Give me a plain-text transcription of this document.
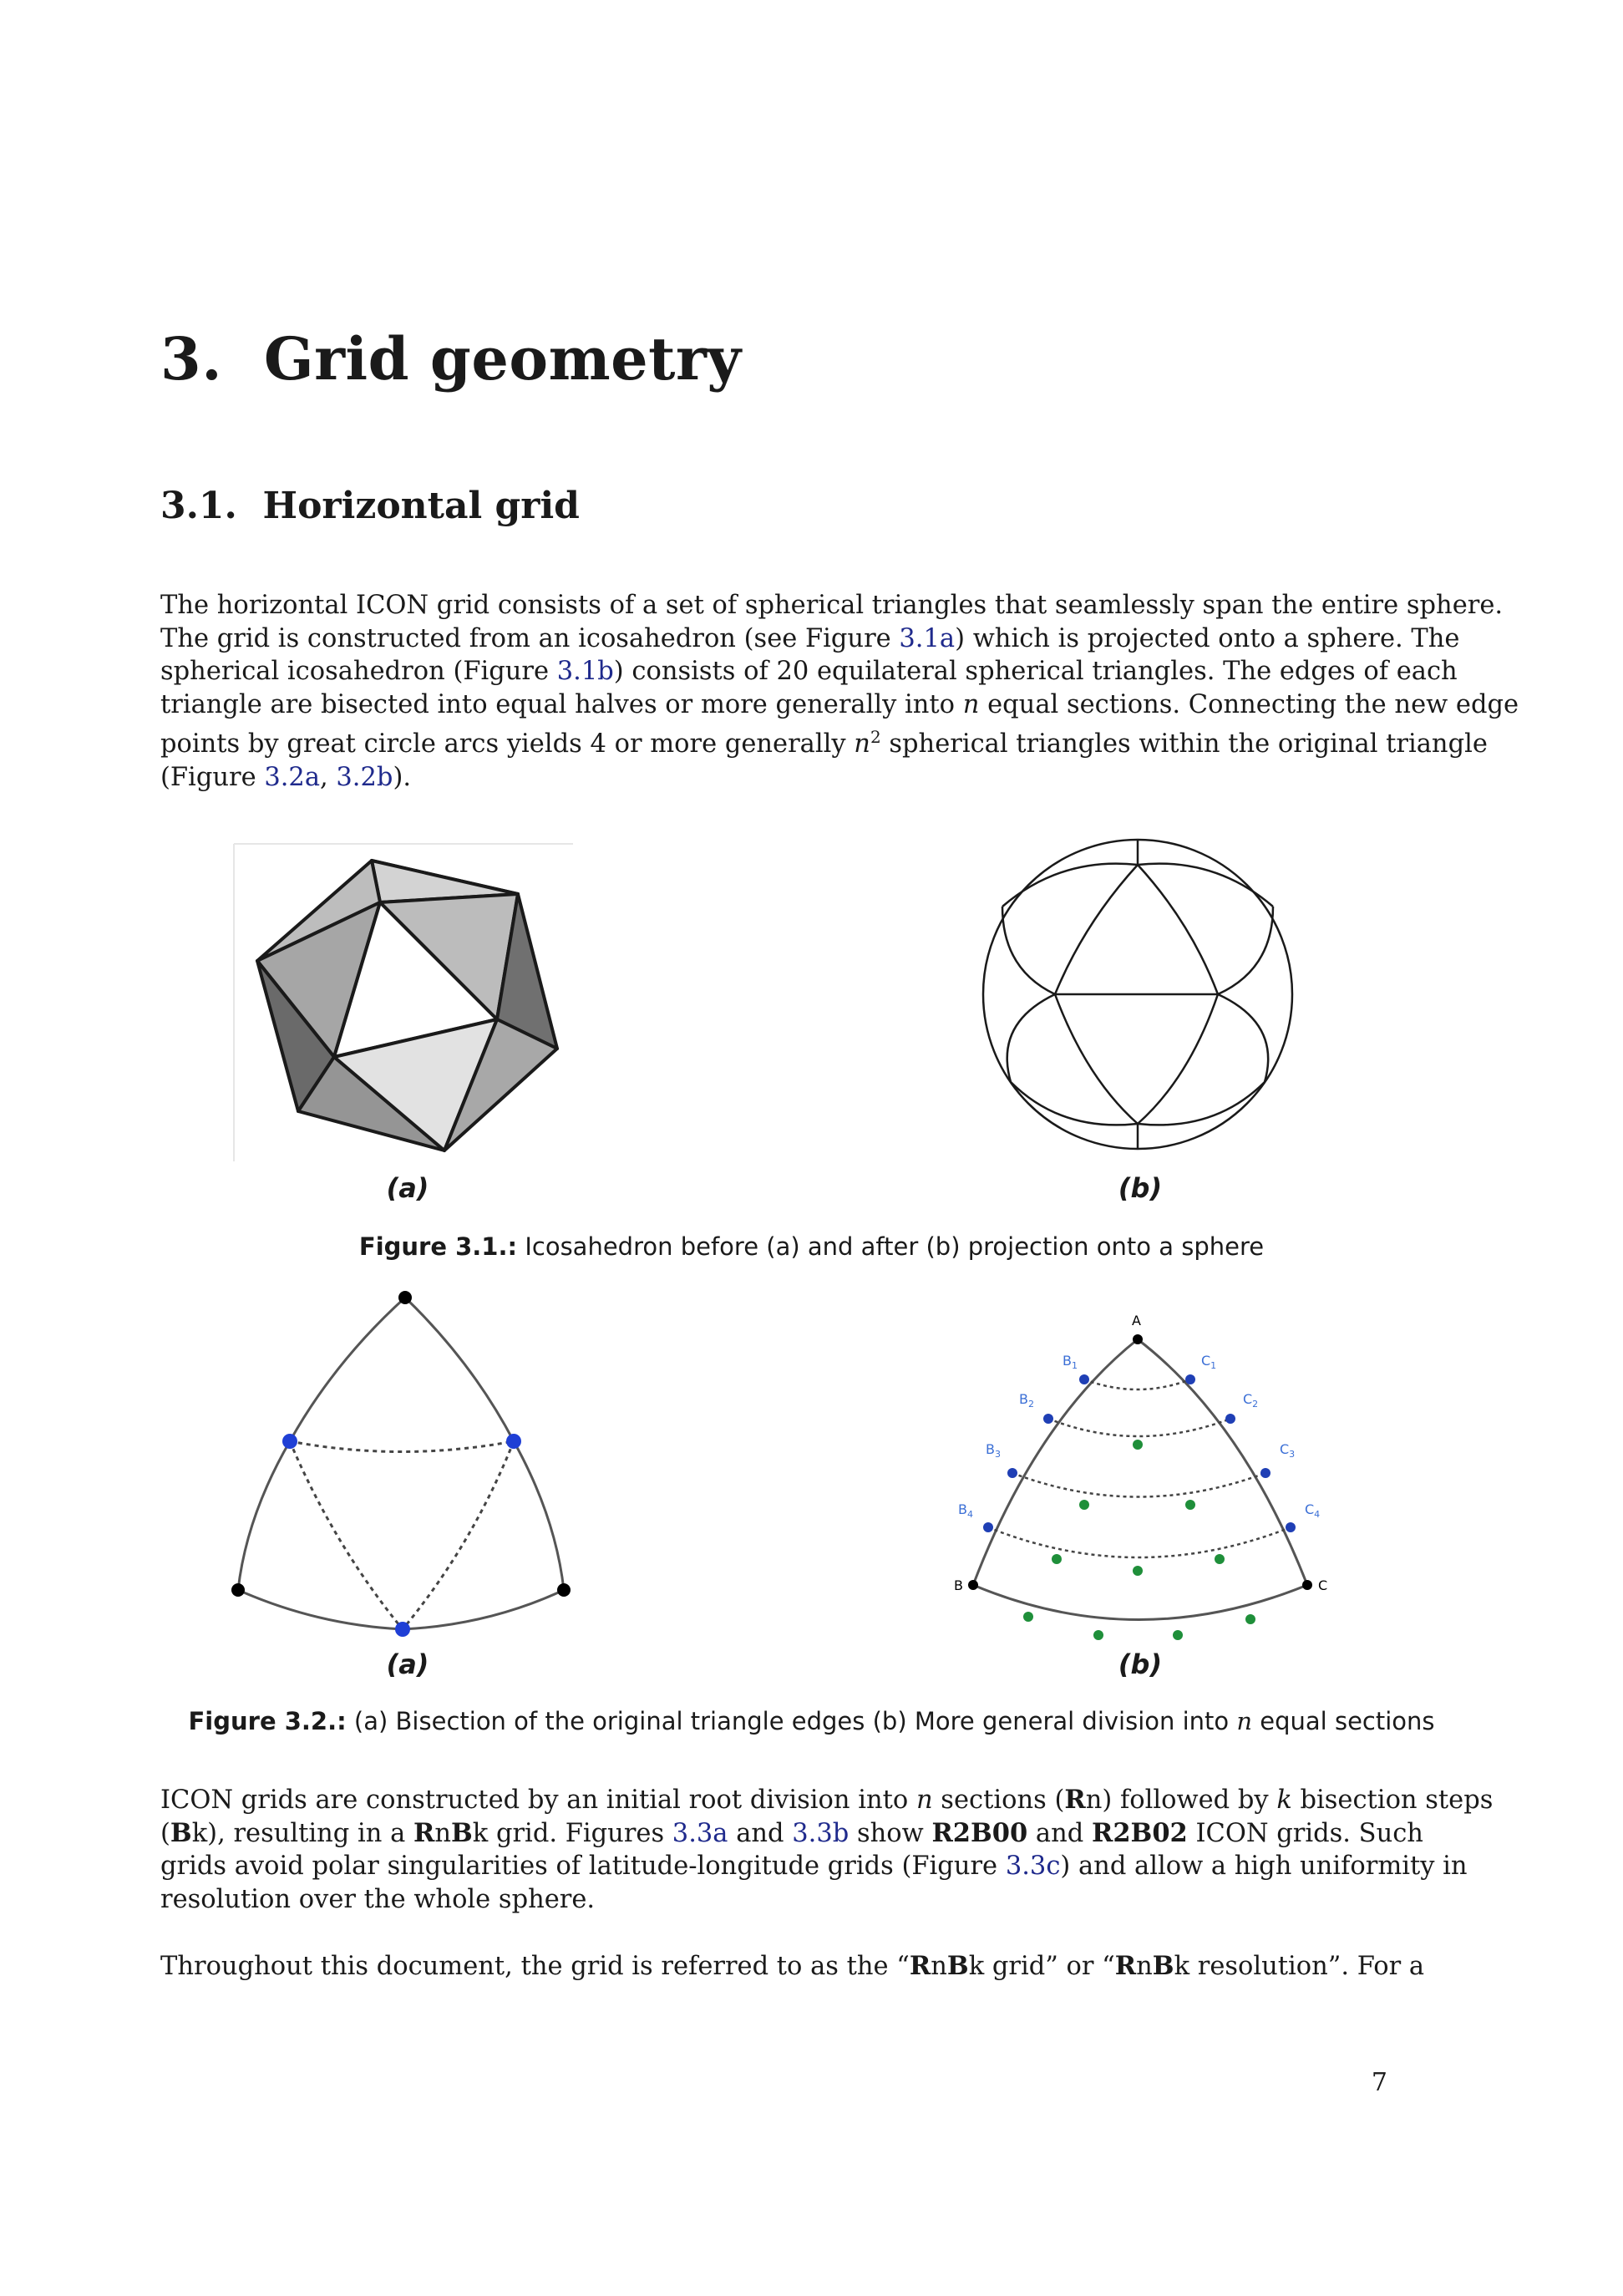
3. Grid geometry
3.1. Horizontal grid
The horizontal ICON grid consists of a set of spherical triangles that seamlessly span the entire sphere.
The grid is constructed from an icosahedron (see Figure 3.1a) which is projected onto a sphere. The
spherical icosahedron (Figure 3.1b) consists of 20 equilateral spherical triangles. The edges of each
triangle are bisected into equal halves or more generally into n equal sections. Connecting the new edge
points by great circle arcs yields 4 or more generally $n^2$ spherical triangles within the original triangle
(Figure 3.2a, 3.2b).
(a)	(b)
Figure 3.1.: Icosahedron before (a) and after (b) projection onto a sphere
A
B	C
$B_1$
$B_2$
$B_3$
$B_4$
$C_1$
$C_2$
$C_3$
$C_4$
(a)	(b)
Figure 3.2.: (a) Bisection of the original triangle edges (b) More general division into n equal sections
ICON grids are constructed by an initial root division into n sections (Rn) followed by k bisection steps
(Bk), resulting in a RnBk grid. Figures 3.3a and 3.3b show R2B00 and R2B02 ICON grids. Such
grids avoid polar singularities of latitude-longitude grids (Figure 3.3c) and allow a high uniformity in
resolution over the whole sphere.
Throughout this document, the grid is referred to as the “RnBk grid” or “RnBk resolution”. For a
7
